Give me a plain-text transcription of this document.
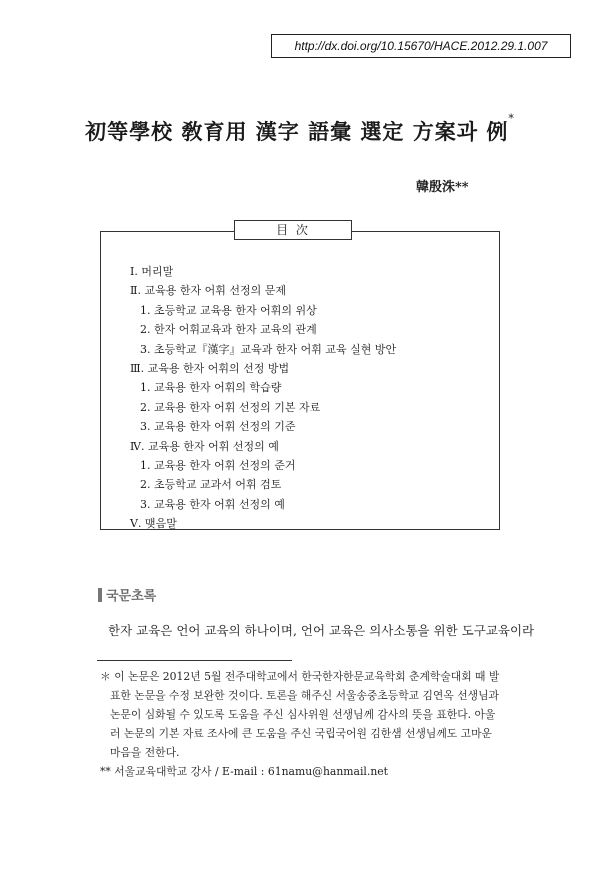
http://dx.doi.org/10.15670/HACE.2012.29.1.007
初等學校 敎育用 漢字 語彙 選定 方案과 例*
韓殷洙**
目 次
Ⅰ. 머리말
Ⅱ. 교육용 한자 어휘 선정의 문제
1. 초등학교 교육용 한자 어휘의 위상
2. 한자 어휘교육과 한자 교육의 관계
3. 초등학교『漢字』교육과 한자 어휘 교육 실현 방안
Ⅲ. 교육용 한자 어휘의 선정 방법
1. 교육용 한자 어휘의 학습량
2. 교육용 한자 어휘 선정의 기본 자료
3. 교육용 한자 어휘 선정의 기준
Ⅳ. 교육용 한자 어휘 선정의 예
1. 교육용 한자 어휘 선정의 준거
2. 초등학교 교과서 어휘 검토
3. 교육용 한자 어휘 선정의 예
Ⅴ. 맺음말
국문초록
한자 교육은 언어 교육의 하나이며, 언어 교육은 의사소통을 위한 도구교육이라

＊ 이 논문은 2012년 5월 전주대학교에서 한국한자한문교육학회 춘계학술대회 때 발표한 논문을 수정 보완한 것이다. 토론을 해주신 서울송중초등학교 김연옥 선생님과 논문이 심화될 수 있도록 도움을 주신 심사위원 선생님께 감사의 뜻을 표한다. 아울러 논문의 기본 자료 조사에 큰 도움을 주신 국립국어원 김한샘 선생님께도 고마운 마음을 전한다.

** 서울교육대학교 강사 / E-mail : 61namu@hanmail.net
